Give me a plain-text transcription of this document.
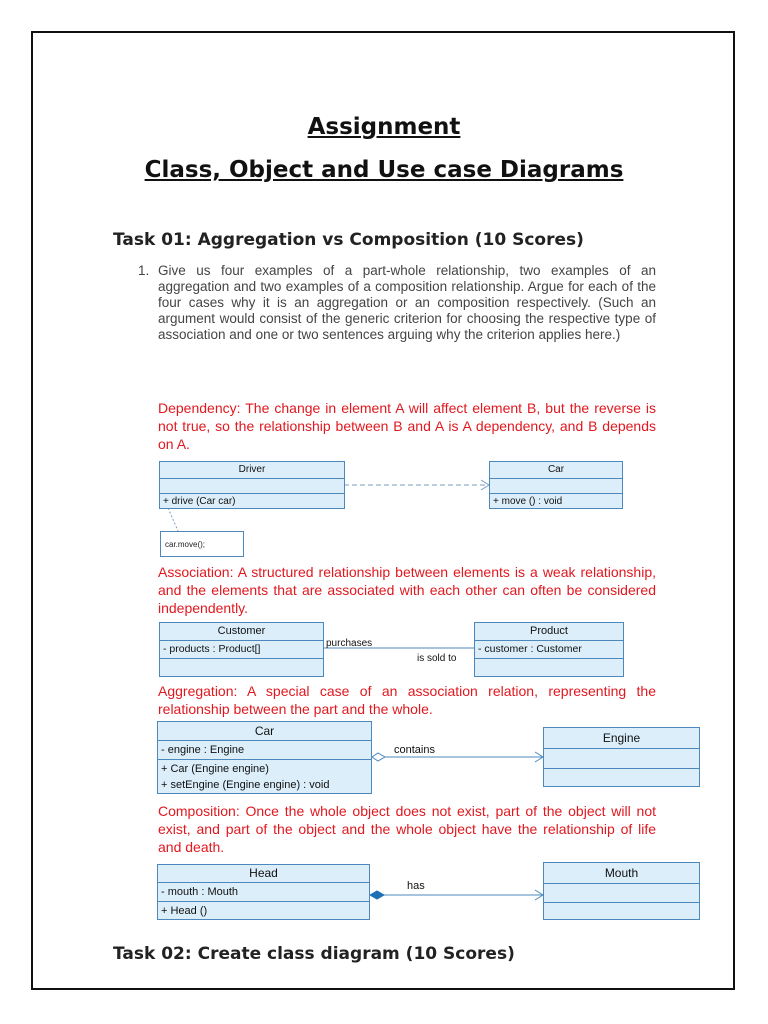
Assignment
Class, Object and Use case Diagrams
Task 01: Aggregation vs Composition (10 Scores)
1. Give us four examples of a part-whole relationship, two examples of an aggregation and two examples of a composition relationship. Argue for each of the four cases why it is an aggregation or an composition respectively. (Such an argument would consist of the generic criterion for choosing the respective type of association and one or two sentences arguing why the criterion applies here.)
Dependency: The change in element A will affect element B, but the reverse is not true, so the relationship between B and A is A dependency, and B depends on A.
Driver
+ drive (Car car)
Car
+ move () : void
car.move();
Association: A structured relationship between elements is a weak relationship, and the elements that are associated with each other can often be considered independently.
Customer
- products : Product[]	purchases
is sold to
Product
- customer : Customer
Aggregation: A special case of an association relation, representing the relationship between the part and the whole.
Car
- engine : Engine
+ Car (Engine engine)
+ setEngine (Engine engine) : void
contains
Engine
Composition: Once the whole object does not exist, part of the object will not exist, and part of the object and the whole object have the relationship of life and death.
Head
- mouth : Mouth
+ Head ()
has
Mouth
Task 02: Create class diagram (10 Scores)
